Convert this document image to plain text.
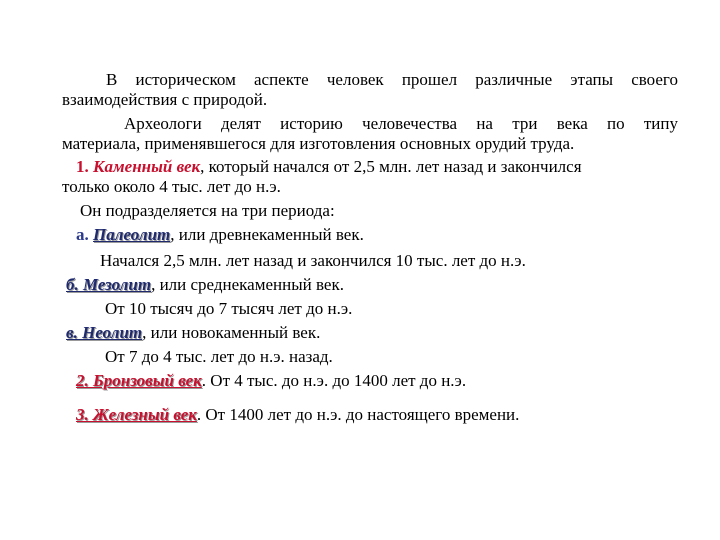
В историческом аспекте человек прошел различные этапы своего
взаимодействия с природой.
Археологи делят историю человечества на три века по типу
материала, применявшегося для изготовления основных орудий труда.
1. Каменный век, который начался от 2,5 млн. лет назад и закончился
только около 4 тыс. лет до н.э.
Он подразделяется на три периода:
а. Палеолит, или древнекаменный век.
Начался 2,5 млн. лет назад и закончился 10 тыс. лет до н.э.
б. Мезолит, или среднекаменный век.
От 10 тысяч до 7 тысяч лет до н.э.
в. Неолит, или новокаменный век.
От 7 до 4 тыс. лет до н.э. назад.
2. Бронзовый век. От 4 тыс. до н.э. до 1400 лет до н.э.
3. Железный век. От 1400 лет до н.э. до настоящего времени.
